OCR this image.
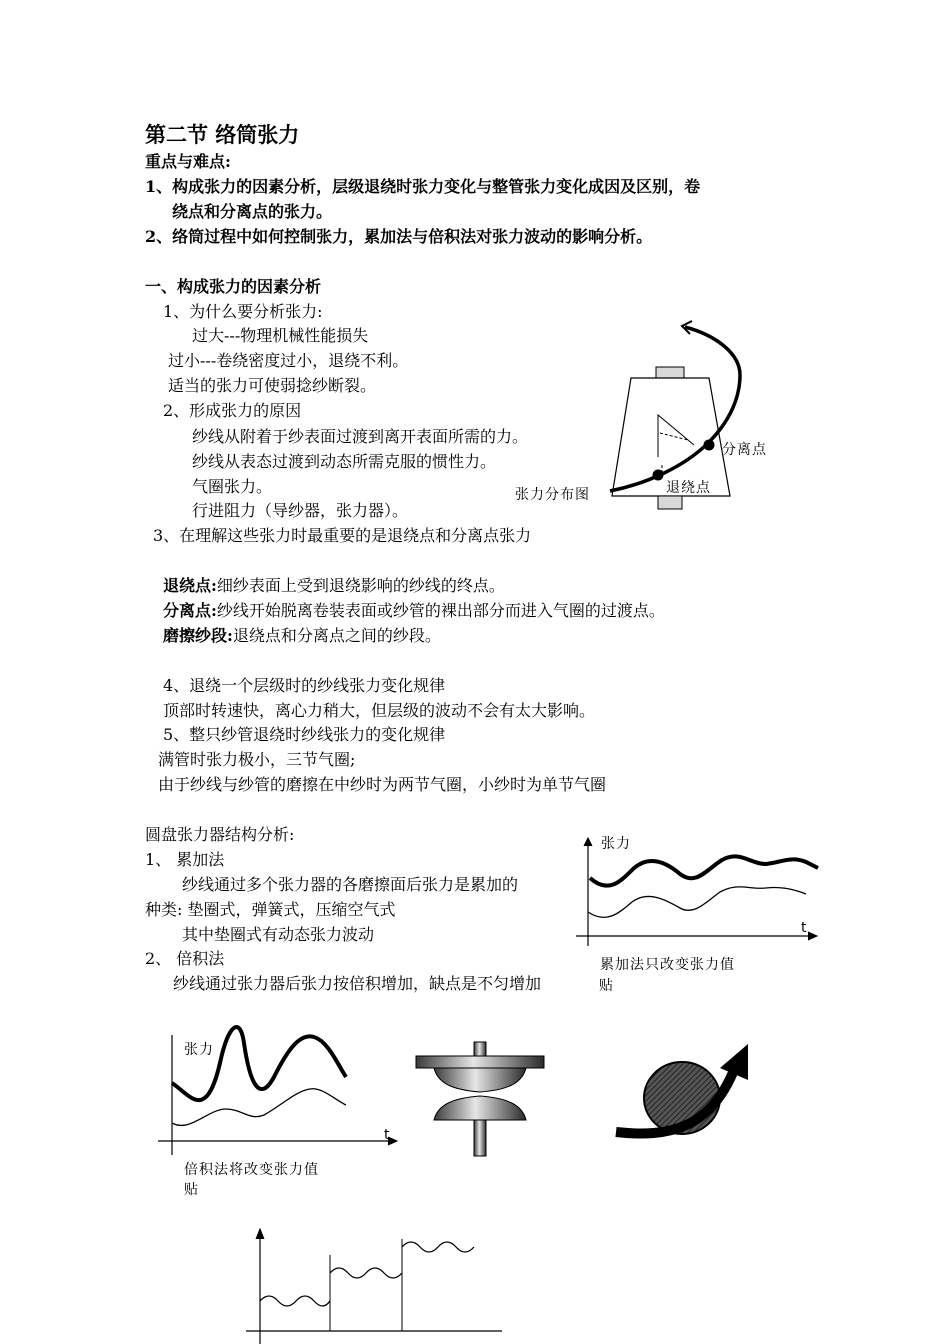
第二节 络筒张力
重点与难点:
1、构成张力的因素分析，层级退绕时张力变化与整管张力变化成因及区别，卷
绕点和分离点的张力。
2、络筒过程中如何控制张力，累加法与倍积法对张力波动的影响分析。
一、构成张力的因素分析
1、为什么要分析张力:
过大---物理机械性能损失
过小---卷绕密度过小，退绕不利。
适当的张力可使弱捻纱断裂。
2、形成张力的原因
纱线从附着于纱表面过渡到离开表面所需的力。
纱线从表态过渡到动态所需克服的惯性力。
气圈张力。
行进阻力（导纱器，张力器）。
3、在理解这些张力时最重要的是退绕点和分离点张力
退绕点:细纱表面上受到退绕影响的纱线的终点。
分离点:纱线开始脱离卷装表面或纱管的裸出部分而进入气圈的过渡点。
磨擦纱段:退绕点和分离点之间的纱段。
4、退绕一个层级时的纱线张力变化规律
顶部时转速快，离心力稍大，但层级的波动不会有太大影响。
5、整只纱管退绕时纱线张力的变化规律
满管时张力极小，三节气圈;
由于纱线与纱管的磨擦在中纱时为两节气圈，小纱时为单节气圈
圆盘张力器结构分析:
1、 累加法
纱线通过多个张力器的各磨擦面后张力是累加的
种类: 垫圈式，弹簧式，压缩空气式
其中垫圈式有动态张力波动
2、 倍积法
纱线通过张力器后张力按倍积增加，缺点是不匀增加	贴
分离点
退绕点
张力分布图
张力
t
累加法只改变张力值
张力
t
倍积法将改变张力值
贴
